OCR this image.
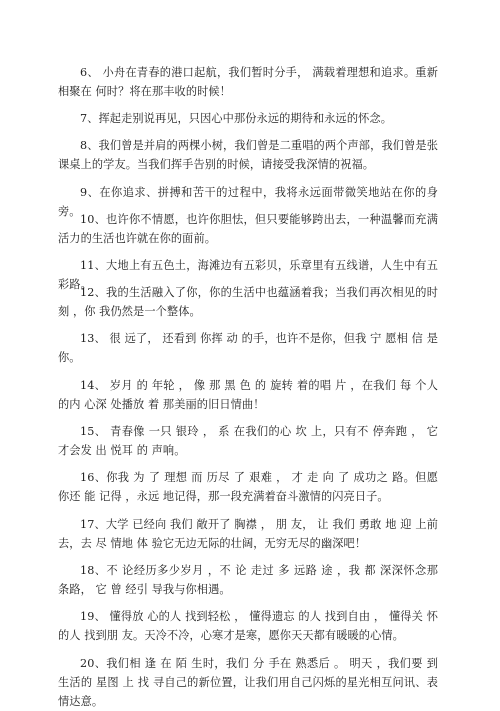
6、 小舟在青春的港口起航，我们暂时分手， 满载着理想和追求。重新相聚在 何时？将在那丰收的时候！

7、挥起走别说再见，只因心中那份永远的期待和永远的怀念。

8、我们曾是并肩的两棵小树，我们曾是二重唱的两个声部，我们曾是张课桌上的学友。当我们挥手告别的时候，请接受我深情的祝福。

9、在你追求、拼搏和苦干的过程中，我将永远面带微笑地站在你的身旁。

10、也许你不情愿，也许你胆怯，但只要能够跨出去，一种温馨而充满活力的生活也许就在你的面前。

11、大地上有五色土，海滩边有五彩贝，乐章里有五线谱，人生中有五彩路。

12、我的生活融入了你，你的生活中也蕴涵着我；当我们再次相见的时 刻 ，你 我仍然是一个整体。

13、 很 远了， 还看到 你挥 动 的手，也许不是你，但我 宁 愿相 信 是你。

14、 岁月 的 年轮 ， 像 那 黑 色 的 旋转 着的唱 片 ，在我们 每 个人的内 心深 处播放 着 那美丽的旧日情曲！

15、 青春像 一只 银玲 ， 系 在我们的心 坎 上，只有不 停奔跑 ， 它才会发 出 悦耳 的 声响。

16、你我 为 了 理想 而 历尽 了 艰难 ， 才 走 向 了 成功之 路。但愿你还 能 记得 ，永远 地记得，那一段充满着奋斗激情的闪亮日子。

17、大学 已经向 我们 敞开了 胸襟 ， 朋 友， 让 我们 勇敢 地 迎 上前去，去 尽 情地 体 验它无边无际的壮阔，无穷无尽的幽深吧！

18、不 论经历多少岁月 ，不 论 走过 多 远路 途 ，我 都 深深怀念那 条路， 它 曾 经引 导我与你相遇。

19、 懂得放 心的人 找到轻松 ， 懂得遗忘 的人 找到自由 ， 懂得关 怀的人 找到朋 友。天冷不冷，心寒才是寒，愿你天天都有暖暖的心情。

20、我们相 逢 在 陌 生时，我们 分 手在 熟悉后 。 明天 ，我们要 到 生活的 星图 上 找 寻自己的新位置，让我们用自己闪烁的星光相互问讯、表情达意。
